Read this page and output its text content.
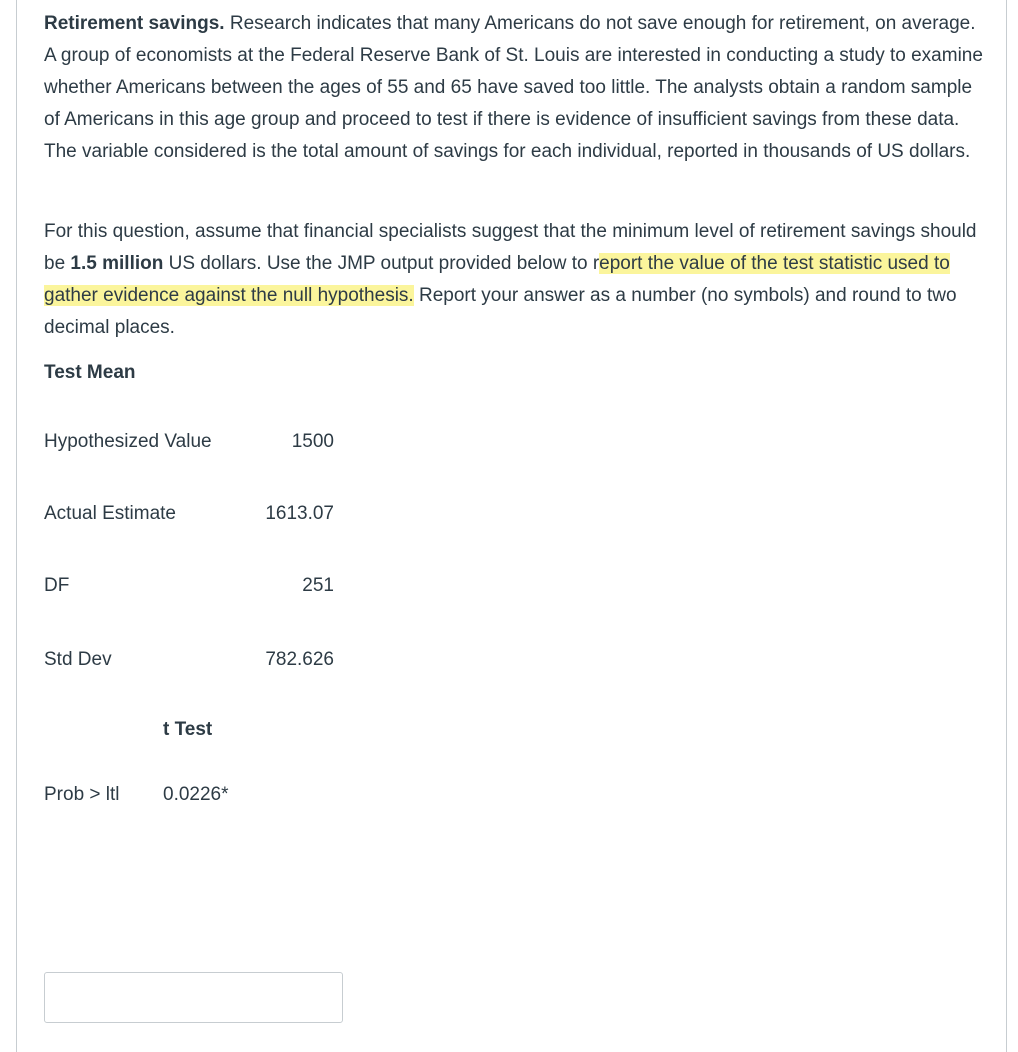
Retirement savings. Research indicates that many Americans do not save enough for retirement, on average. A group of economists at the Federal Reserve Bank of St. Louis are interested in conducting a study to examine whether Americans between the ages of 55 and 65 have saved too little. The analysts obtain a random sample of Americans in this age group and proceed to test if there is evidence of insufficient savings from these data. The variable considered is the total amount of savings for each individual, reported in thousands of US dollars.

For this question, assume that financial specialists suggest that the minimum level of retirement savings should be 1.5 million US dollars. Use the JMP output provided below to report the value of the test statistic used to gather evidence against the null hypothesis. Report your answer as a number (no symbols) and round to two decimal places.

Test Mean
Hypothesized Value	1500
Actual Estimate	1613.07
DF	251
Std Dev	782.626
t Test
Prob > ltl 0.0226*
